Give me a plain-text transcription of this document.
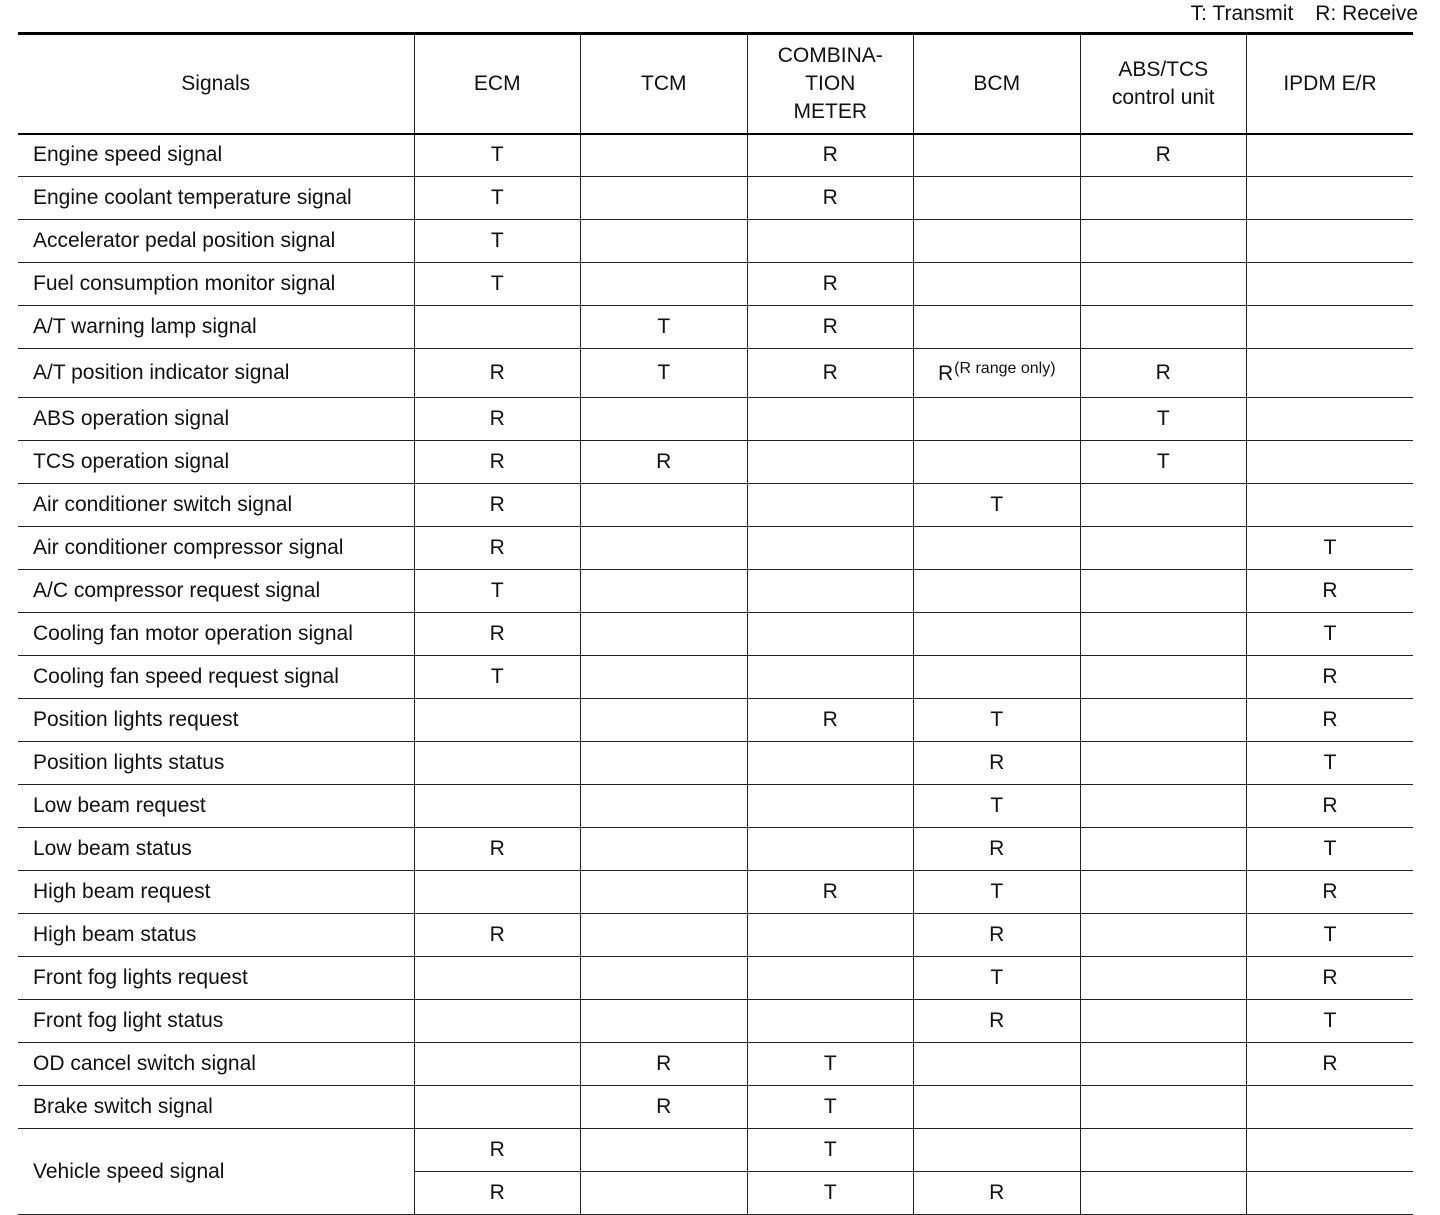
T: Transmit R: Receive
Signals	ECM	TCM	COMBINA-
TION
METER	BCM	ABS/TCS
control unit	IPDM E/R

Engine speed signal	T		R		R	
Engine coolant temperature signal	T		R			
Accelerator pedal position signal	T					
Fuel consumption monitor signal	T		R			
A/T warning lamp signal		T	R			
A/T position indicator signal	R	T	R	R$^{(R range only)}$	R	
ABS operation signal	R				T	
TCS operation signal	R	R			T	
Air conditioner switch signal	R			T		
Air conditioner compressor signal	R					T
A/C compressor request signal	T					R
Cooling fan motor operation signal	R					T
Cooling fan speed request signal	T					R
Position lights request			R	T		R
Position lights status				R		T
Low beam request				T		R
Low beam status	R			R		T
High beam request			R	T		R
High beam status	R			R		T
Front fog lights request				T		R
Front fog light status				R		T
OD cancel switch signal		R	T			R
Brake switch signal		R	T			
Vehicle speed signal	R		T			
	R		T	R		
